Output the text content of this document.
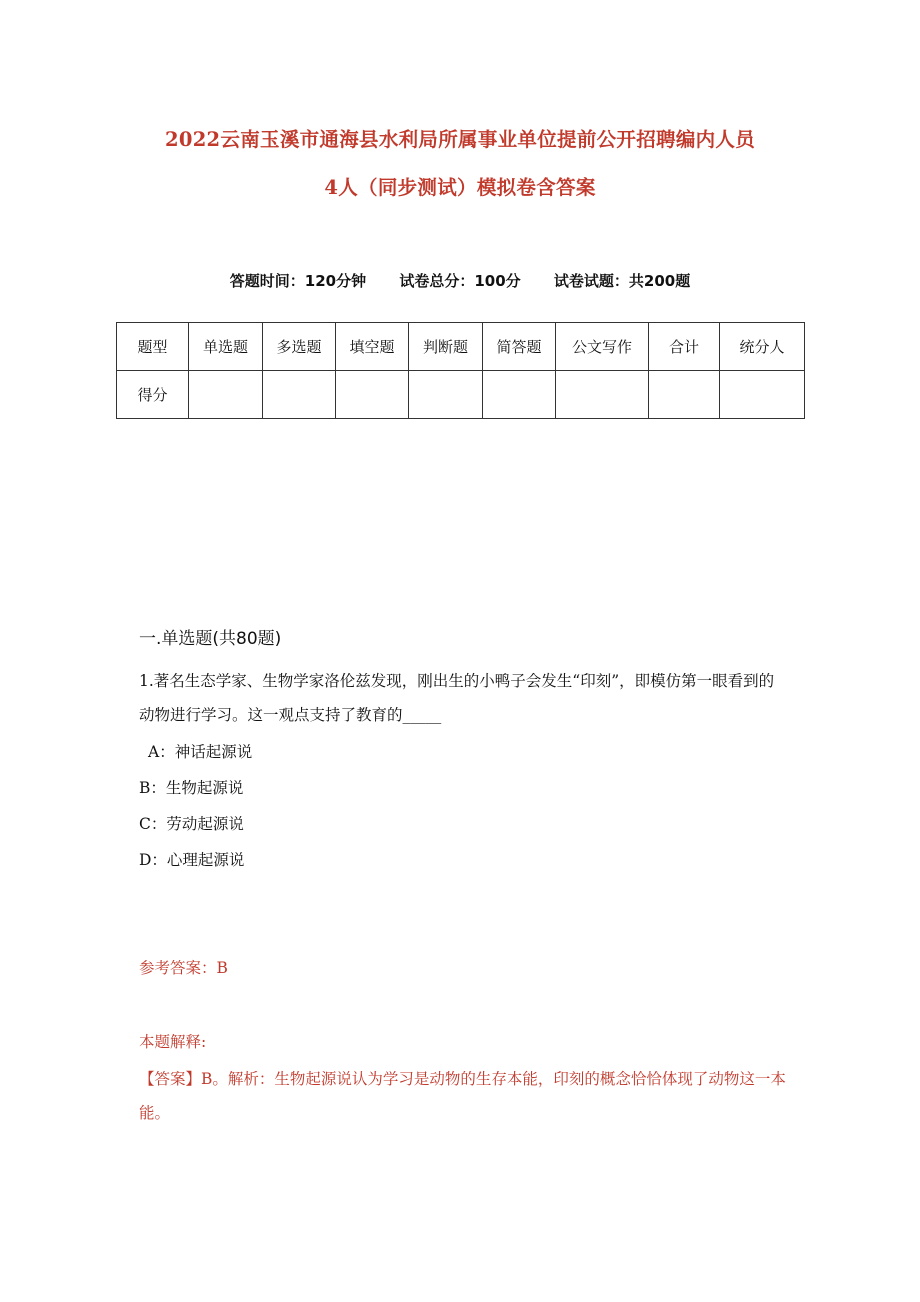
2022云南玉溪市通海县水利局所属事业单位提前公开招聘编内人员
4人（同步测试）模拟卷含答案
答题时间：120分钟 试卷总分：100分 试卷试题：共200题
题型	单选题	多选题	填空题	判断题	简答题	公文写作	合计	统分人
得分								
一.单选题(共80题)
1.著名生态学家、生物学家洛伦兹发现，刚出生的小鸭子会发生“印刻”，即模仿第一眼看到的动物进行学习。这一观点支持了教育的_____
A：神话起源说
B：生物起源说
C：劳动起源说
D：心理起源说
参考答案：B
本题解释:
【答案】B。解析：生物起源说认为学习是动物的生存本能，印刻的概念恰恰体现了动物这一本能。
